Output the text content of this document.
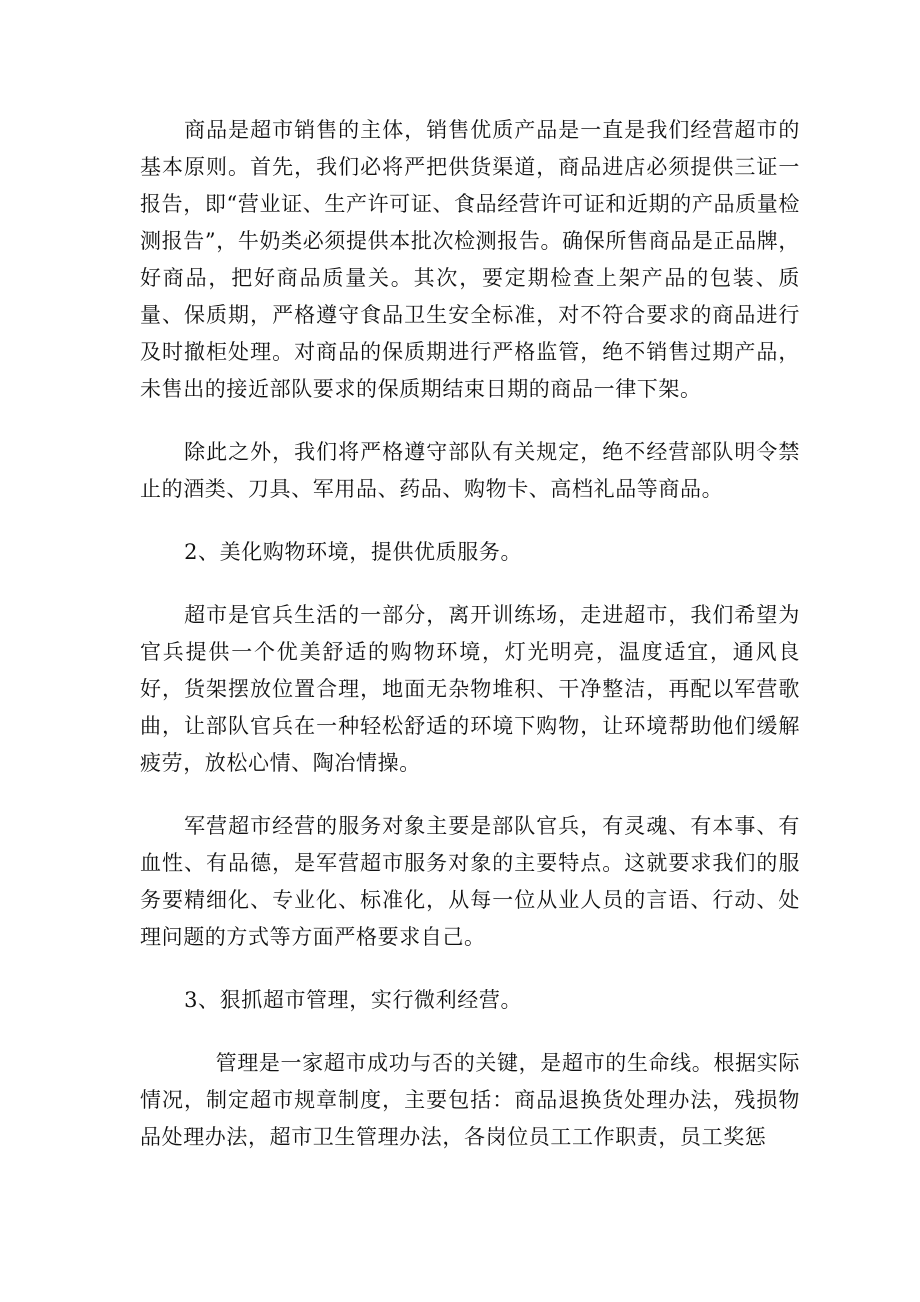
商品是超市销售的主体，销售优质产品是一直是我们经营超市的基本原则。首先，我们必将严把供货渠道，商品进店必须提供三证一报告，即“营业证、生产许可证、食品经营许可证和近期的产品质量检测报告”，牛奶类必须提供本批次检测报告。确保所售商品是正品牌，好商品，把好商品质量关。其次，要定期检查上架产品的包装、质量、保质期，严格遵守食品卫生安全标准，对不符合要求的商品进行及时撤柜处理。对商品的保质期进行严格监管，绝不销售过期产品，未售出的接近部队要求的保质期结束日期的商品一律下架。

除此之外，我们将严格遵守部队有关规定，绝不经营部队明令禁止的酒类、刀具、军用品、药品、购物卡、高档礼品等商品。

2、美化购物环境，提供优质服务。

超市是官兵生活的一部分，离开训练场，走进超市，我们希望为官兵提供一个优美舒适的购物环境，灯光明亮，温度适宜，通风良好，货架摆放位置合理，地面无杂物堆积、干净整洁，再配以军营歌曲，让部队官兵在一种轻松舒适的环境下购物，让环境帮助他们缓解疲劳，放松心情、陶冶情操。

军营超市经营的服务对象主要是部队官兵，有灵魂、有本事、有血性、有品德，是军营超市服务对象的主要特点。这就要求我们的服务要精细化、专业化、标准化，从每一位从业人员的言语、行动、处理问题的方式等方面严格要求自己。

3、狠抓超市管理，实行微利经营。

管理是一家超市成功与否的关键，是超市的生命线。根据实际情况，制定超市规章制度，主要包括：商品退换货处理办法，残损物品处理办法，超市卫生管理办法，各岗位员工工作职责，员工奖惩
